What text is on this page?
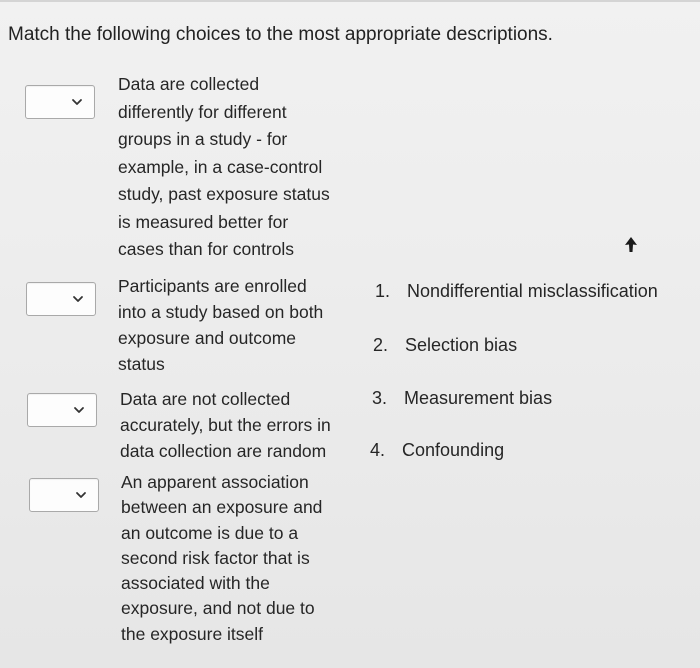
Match the following choices to the most appropriate descriptions.
Data are collected
differently for different
groups in a study - for
example, in a case-control
study, past exposure status
is measured better for
cases than for controls
Participants are enrolled
into a study based on both
exposure and outcome
status
Data are not collected
accurately, but the errors in
data collection are random
An apparent association
between an exposure and
an outcome is due to a
second risk factor that is
associated with the
exposure, and not due to
the exposure itself
1. Nondifferential misclassification
2. Selection bias
3. Measurement bias
4. Confounding
